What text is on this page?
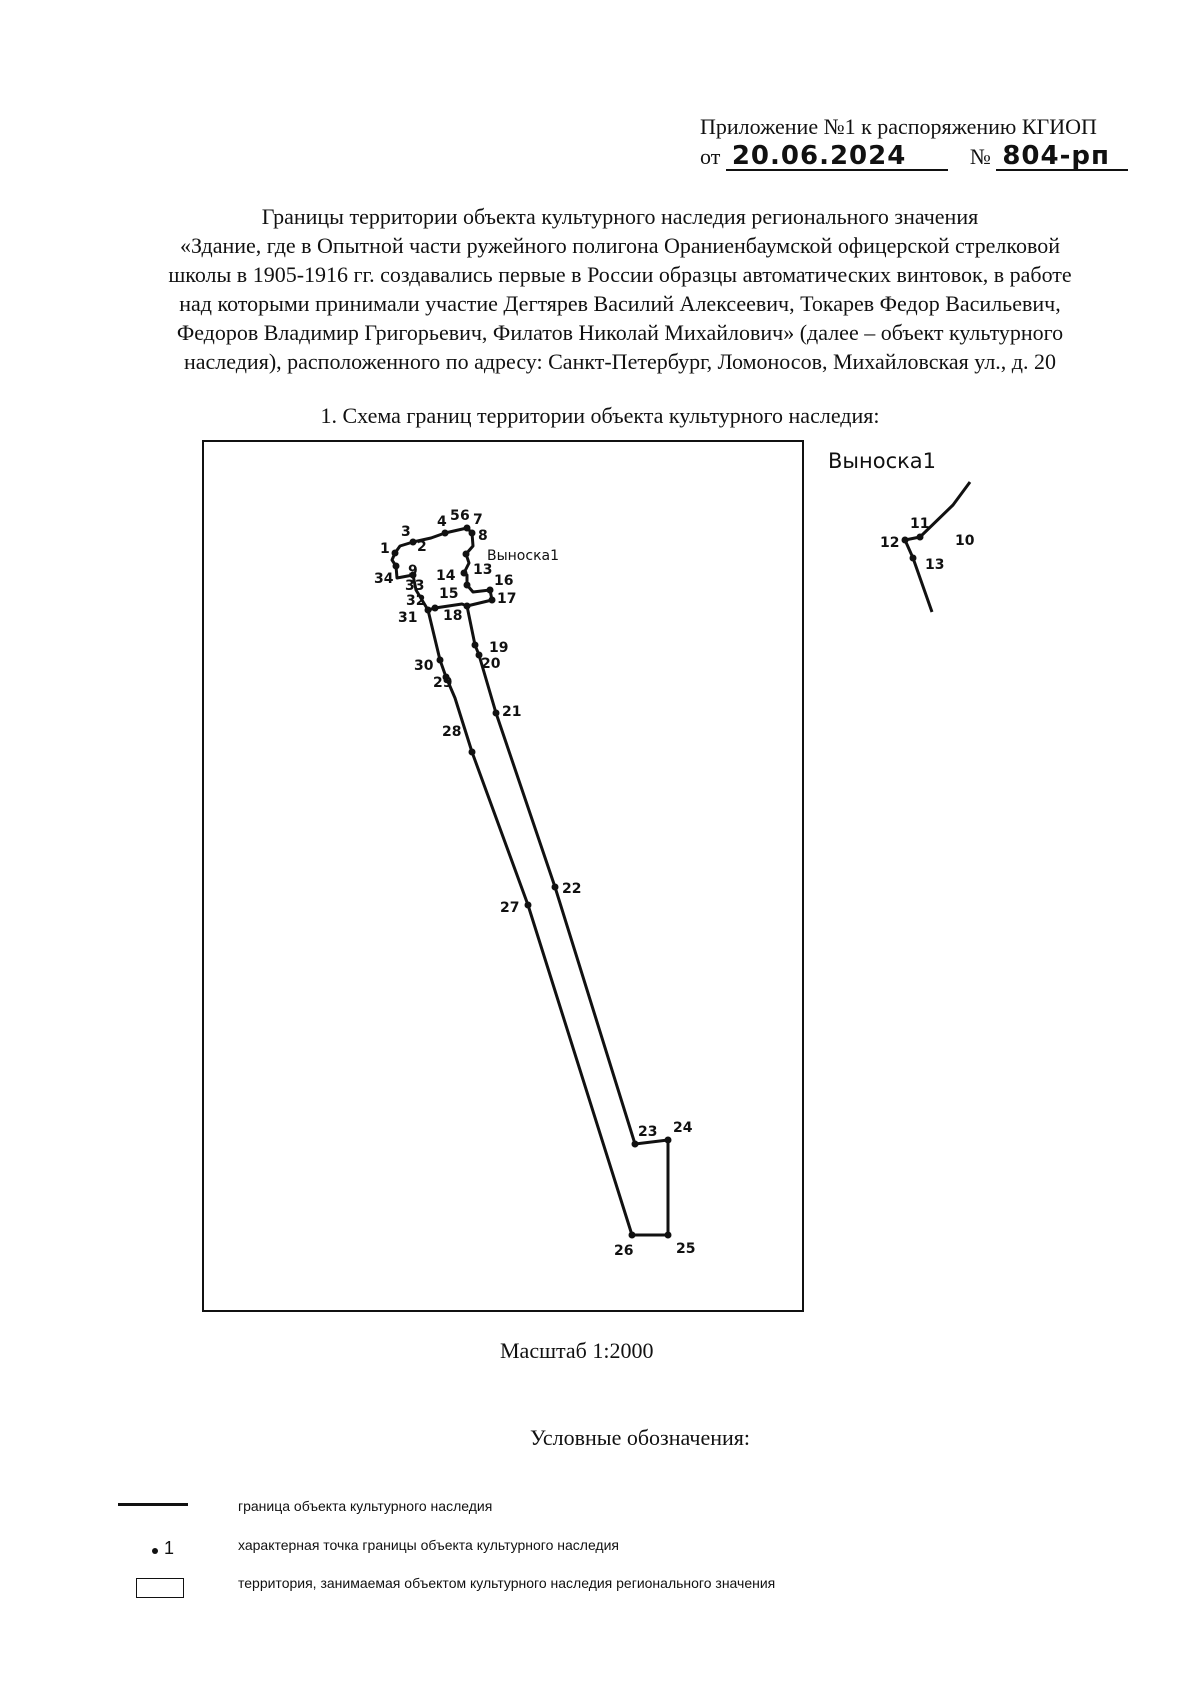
Приложение №1 к распоряжению КГИОП
от 20.06.2024	№ 804-рп
Границы территории объекта культурного наследия регионального значения
«Здание, где в Опытной части ружейного полигона Ораниенбаумской офицерской стрелковой
школы в 1905-1916 гг. создавались первые в России образцы автоматических винтовок, в работе
над которыми принимали участие Дегтярев Василий Алексеевич, Токарев Федор Васильевич,
Федоров Владимир Григорьевич, Филатов Николай Михайлович» (далее – объект культурного
наследия), расположенного по адресу: Санкт-Петербург, Ломоносов, Михайловская ул., д. 20
1. Схема границ территории объекта культурного наследия:
1 2
3
4 5 6 7
8
9	13
14
15
16
17
18
19
20
21
22
23 24
25
26
27
28
29
30
31
32
33
34
Выноска1
Выноска1
10
11
12
13
Масштаб 1:2000
Условные обозначения:
граница объекта культурного наследия
1	характерная точка границы объекта культурного наследия
территория, занимаемая объектом культурного наследия регионального значения
